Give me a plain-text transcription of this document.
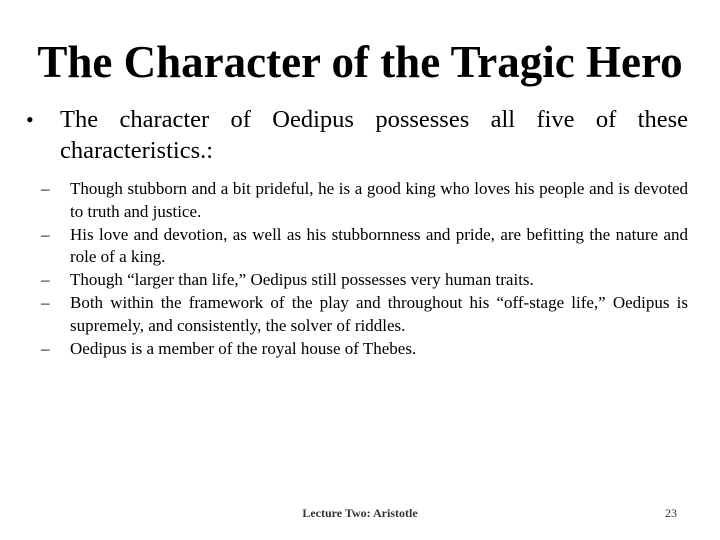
The Character of the Tragic Hero
•	The character of Oedipus possesses all five of these characteristics.:
–	Though stubborn and a bit prideful, he is a good king who loves his people and is devoted to truth and justice.
–	His love and devotion, as well as his stubbornness and pride, are befitting the nature and role of a king.
–	Though “larger than life,” Oedipus still possesses very human traits.
–	Both within the framework of the play and throughout his “off-stage life,” Oedipus is supremely, and consistently, the solver of riddles.
–	Oedipus is a member of the royal house of Thebes.
Lecture Two: Aristotle	23
